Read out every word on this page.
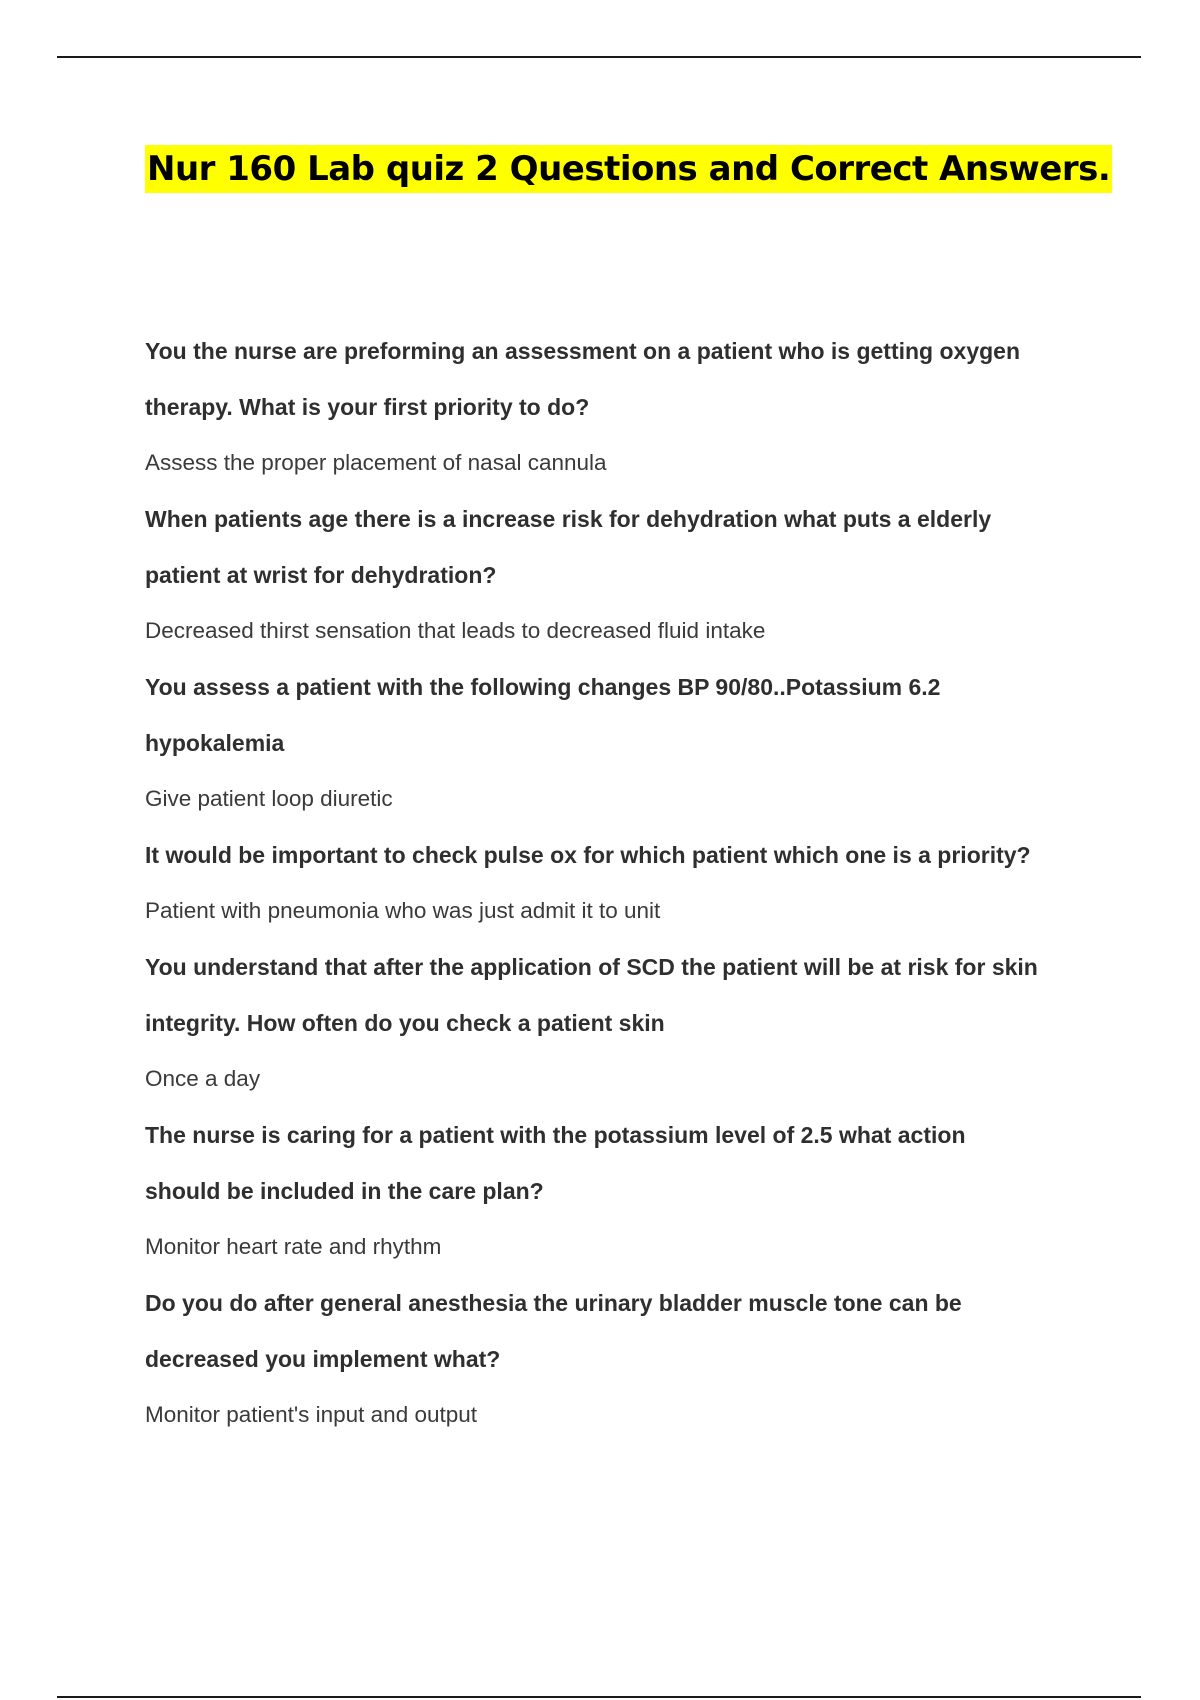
Nur 160 Lab quiz 2 Questions and Correct Answers.

You the nurse are preforming an assessment on a patient who is getting oxygen

therapy. What is your first priority to do?

Assess the proper placement of nasal cannula

When patients age there is a increase risk for dehydration what puts a elderly

patient at wrist for dehydration?

Decreased thirst sensation that leads to decreased fluid intake

You assess a patient with the following changes BP 90/80..Potassium 6.2

hypokalemia

Give patient loop diuretic

It would be important to check pulse ox for which patient which one is a priority?

Patient with pneumonia who was just admit it to unit

You understand that after the application of SCD the patient will be at risk for skin

integrity. How often do you check a patient skin

Once a day

The nurse is caring for a patient with the potassium level of 2.5 what action

should be included in the care plan?

Monitor heart rate and rhythm

Do you do after general anesthesia the urinary bladder muscle tone can be

decreased you implement what?

Monitor patient's input and output
